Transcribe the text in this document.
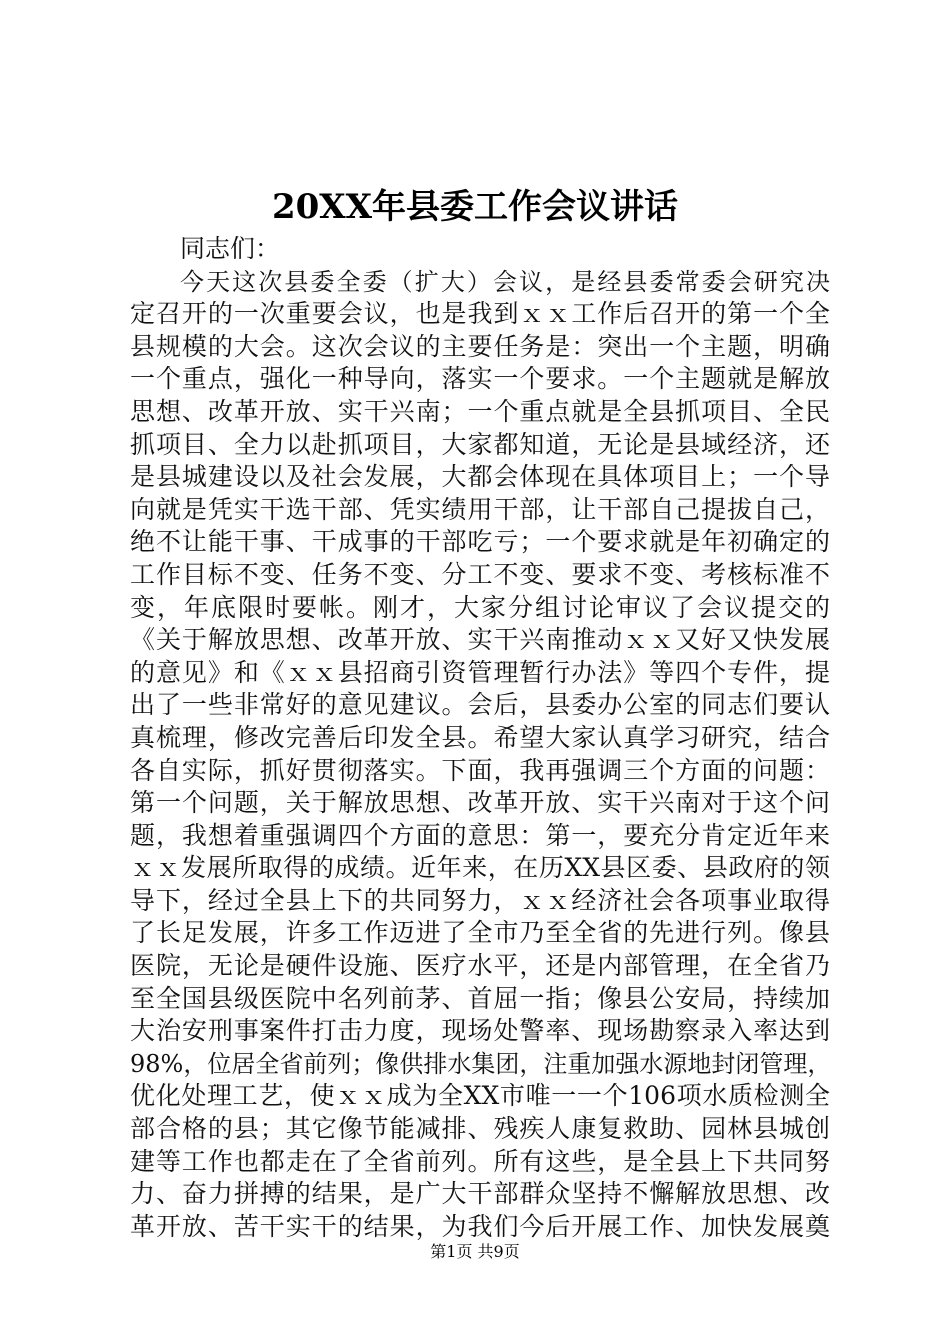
20XX年县委工作会议讲话
同志们：
今天这次县委全委（扩大）会议，是经县委常委会研究决
定召开的一次重要会议，也是我到ｘｘ工作后召开的第一个全
县规模的大会。这次会议的主要任务是：突出一个主题，明确
一个重点，强化一种导向，落实一个要求。一个主题就是解放
思想、改革开放、实干兴南；一个重点就是全县抓项目、全民
抓项目、全力以赴抓项目，大家都知道，无论是县域经济，还
是县城建设以及社会发展，大都会体现在具体项目上；一个导
向就是凭实干选干部、凭实绩用干部，让干部自己提拔自己，
绝不让能干事、干成事的干部吃亏；一个要求就是年初确定的
工作目标不变、任务不变、分工不变、要求不变、考核标准不
变，年底限时要帐。刚才，大家分组讨论审议了会议提交的
《关于解放思想、改革开放、实干兴南推动ｘｘ又好又快发展
的意见》和《ｘｘ县招商引资管理暂行办法》等四个专件，提
出了一些非常好的意见建议。会后，县委办公室的同志们要认
真梳理，修改完善后印发全县。希望大家认真学习研究，结合
各自实际，抓好贯彻落实。下面，我再强调三个方面的问题：
第一个问题，关于解放思想、改革开放、实干兴南对于这个问
题，我想着重强调四个方面的意思：第一，要充分肯定近年来
ｘｘ发展所取得的成绩。近年来，在历XX县区委、县政府的领
导下，经过全县上下的共同努力，ｘｘ经济社会各项事业取得
了长足发展，许多工作迈进了全市乃至全省的先进行列。像县
医院，无论是硬件设施、医疗水平，还是内部管理，在全省乃
至全国县级医院中名列前茅、首屈一指；像县公安局，持续加
大治安刑事案件打击力度，现场处警率、现场勘察录入率达到
98%，位居全省前列；像供排水集团，注重加强水源地封闭管理，
优化处理工艺，使ｘｘ成为全XX市唯一一个106项水质检测全
部合格的县；其它像节能减排、残疾人康复救助、园林县城创
建等工作也都走在了全省前列。所有这些，是全县上下共同努
力、奋力拼搏的结果，是广大干部群众坚持不懈解放思想、改
革开放、苦干实干的结果，为我们今后开展工作、加快发展奠
第1页 共9页
